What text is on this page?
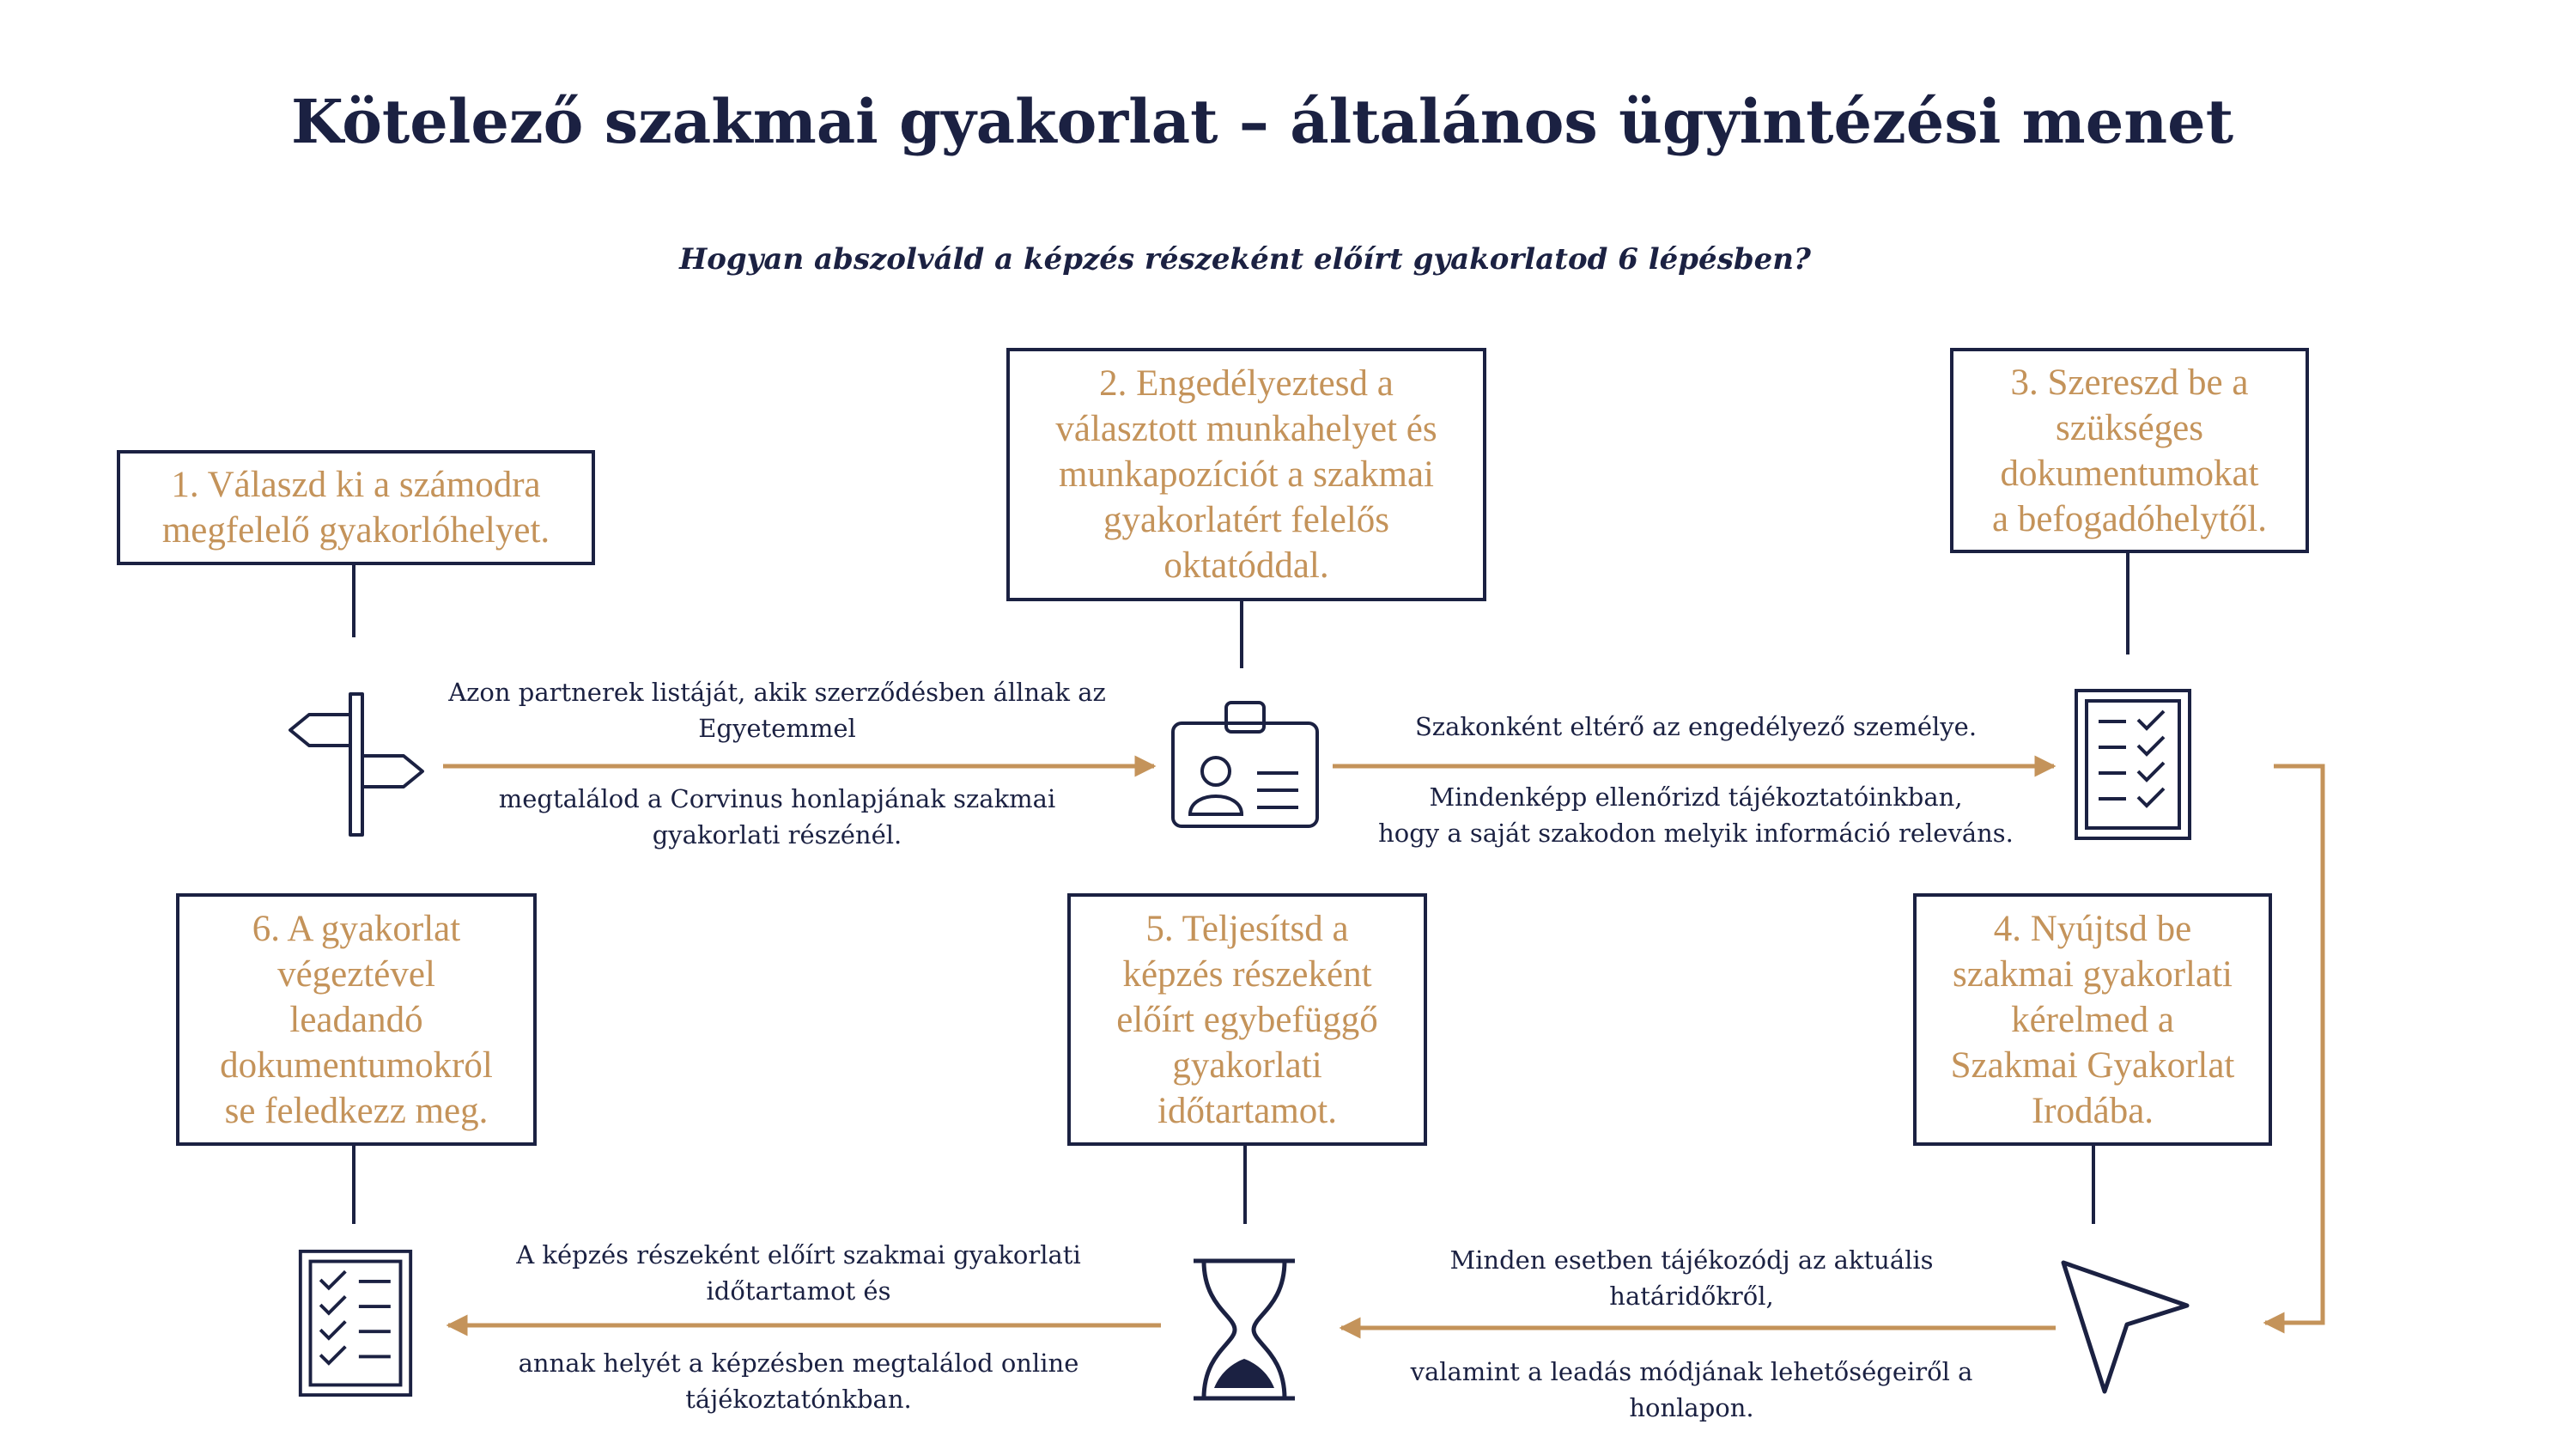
Kötelező szakmai gyakorlat – általános ügyintézési menet
Hogyan abszolváld a képzés részeként előírt gyakorlatod 6 lépésben?
1. Válaszd ki a számodra
megfelelő gyakorlóhelyet.
2. Engedélyeztesd a
választott munkahelyet és
munkapozíciót a szakmai
gyakorlatért felelős
oktatóddal.
3. Szereszd be a
szükséges
dokumentumokat
a befogadóhelytől.
6. A gyakorlat
végeztével
leadandó
dokumentumokról
se feledkezz meg.
5. Teljesítsd a
képzés részeként
előírt egybefüggő
gyakorlati
időtartamot.
4. Nyújtsd be
szakmai gyakorlati
kérelmed a
Szakmai Gyakorlat
Irodába.
Azon partnerek listáját, akik szerződésben állnak az
Egyetemmel
megtalálod a Corvinus honlapjának szakmai
gyakorlati részénél.
Szakonként eltérő az engedélyező személye.
Mindenképp ellenőrizd tájékoztatóinkban,
hogy a saját szakodon melyik információ releváns.
Minden esetben tájékozódj az aktuális
határidőkről,
valamint a leadás módjának lehetőségeiről a
honlapon.
A képzés részeként előírt szakmai gyakorlati
időtartamot és
annak helyét a képzésben megtalálod online
tájékoztatónkban.
